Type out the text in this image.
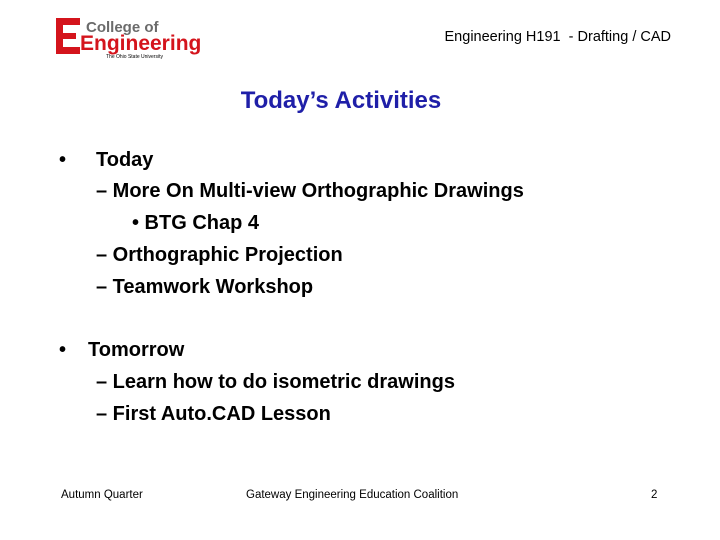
College of
Engineering
The Ohio State University
Engineering H191  - Drafting / CAD
Today’s Activities
• Today
– More On Multi-view Orthographic Drawings
• BTG Chap 4
– Orthographic Projection
– Teamwork Workshop
• Tomorrow
– Learn how to do isometric drawings
– First Auto.CAD Lesson
Autumn Quarter	Gateway Engineering Education Coalition	2
